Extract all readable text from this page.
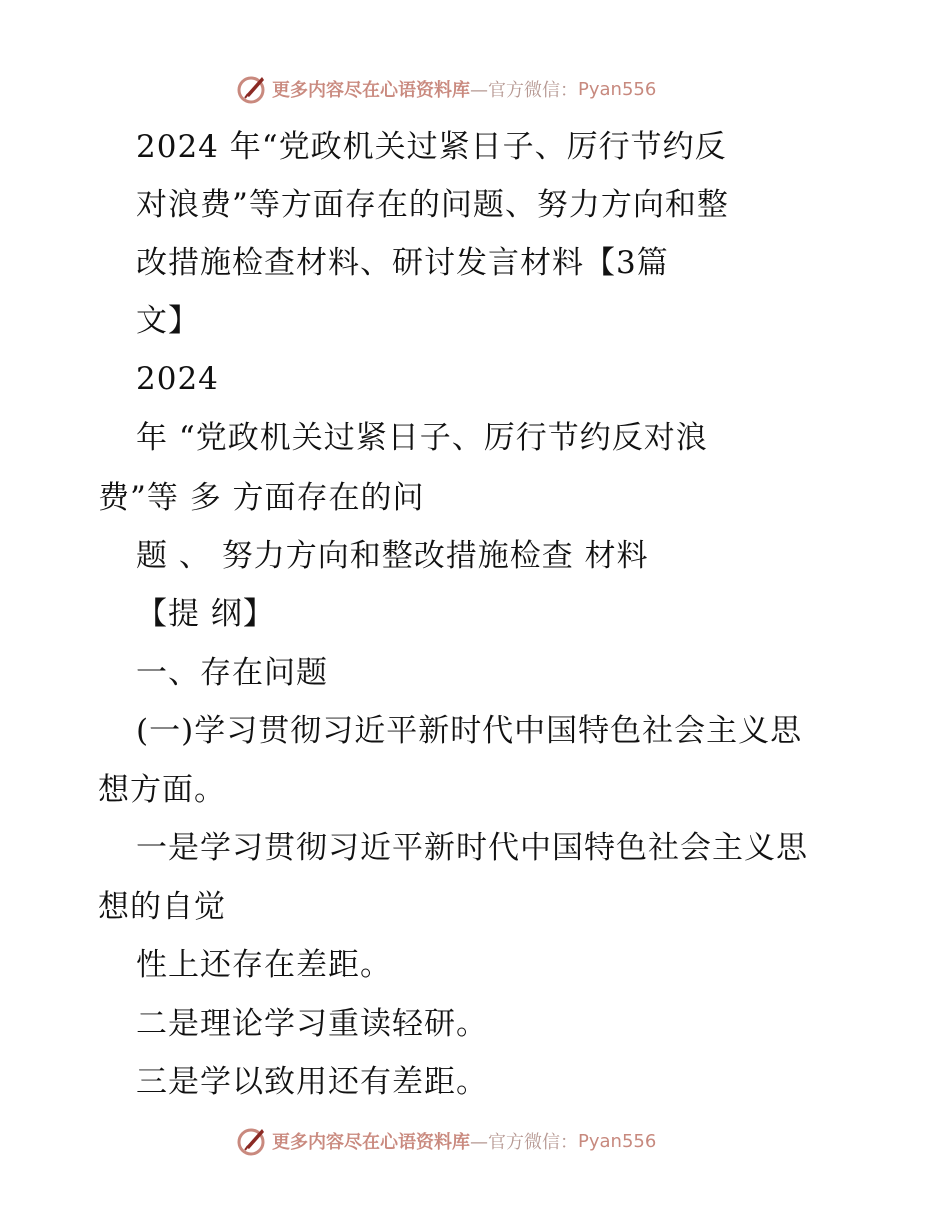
更多内容尽在心语资料库 —官方微信： Pyan556
2024 年“党政机关过紧日子、厉行节约反
对浪费”等方面存在的问题、努力方向和整
改措施检查材料、研讨发言材料【3篇
文】
2024
年 “党政机关过紧日子、厉行节约反对浪
费”等 多 方面存在的问
题 、 努力方向和整改措施检查 材料
【提 纲】
一、存在问题
(一)学习贯彻习近平新时代中国特色社会主义思
想方面。
一是学习贯彻习近平新时代中国特色社会主义思
想的自觉
性上还存在差距。
二是理论学习重读轻研。
三是学以致用还有差距。
更多内容尽在心语资料库 —官方微信： Pyan556
